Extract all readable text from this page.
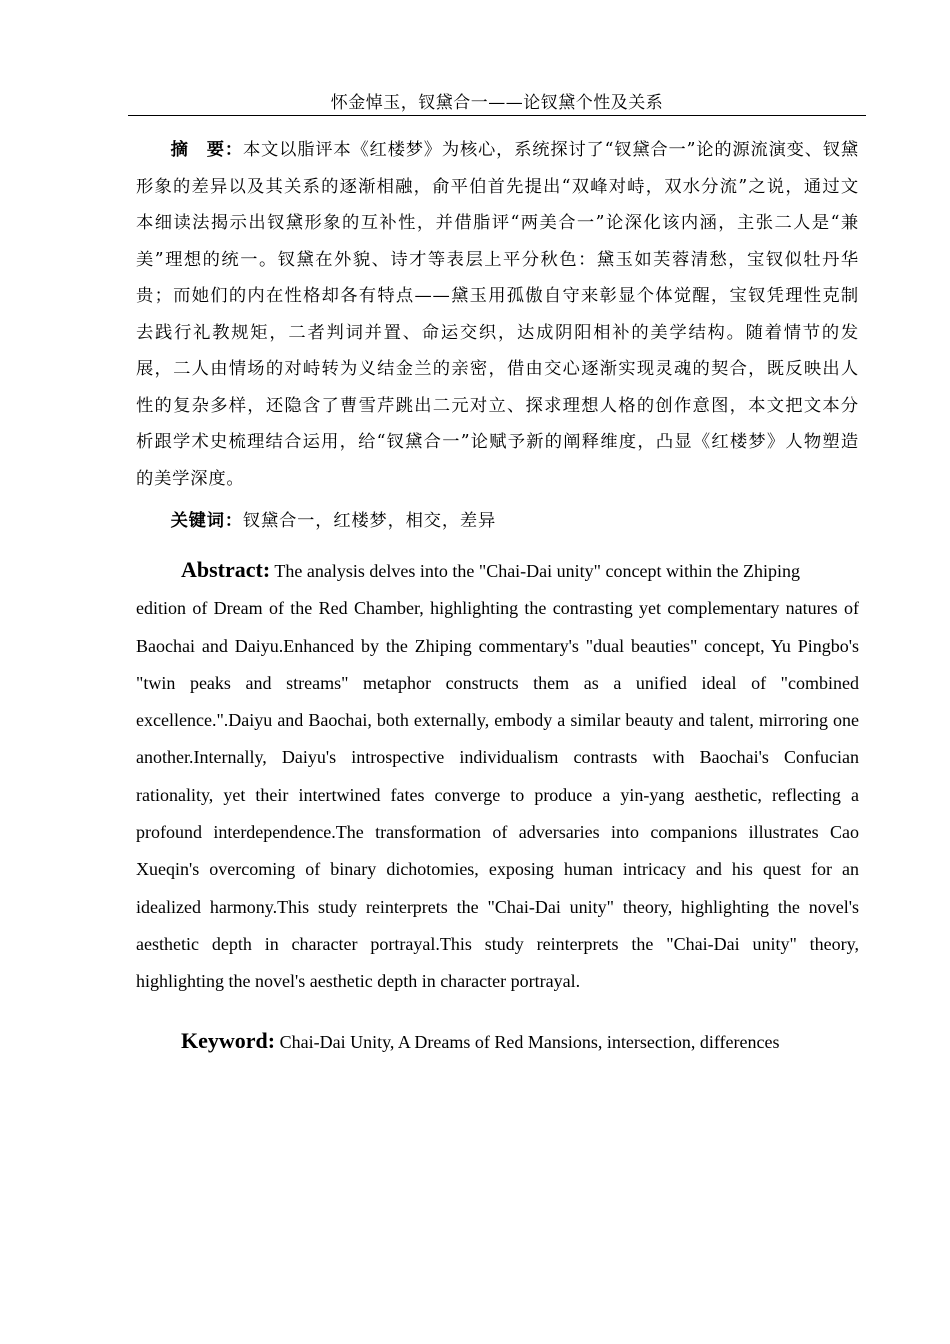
怀金悼玉，钗黛合一——论钗黛个性及关系

摘　要：本文以脂评本《红楼梦》为核心，系统探讨了“钗黛合一”论的源流演变、钗黛形象的差异以及其关系的逐渐相融，俞平伯首先提出“双峰对峙，双水分流”之说，通过文本细读法揭示出钗黛形象的互补性，并借脂评“两美合一”论深化该内涵，主张二人是“兼美”理想的统一。钗黛在外貌、诗才等表层上平分秋色：黛玉如芙蓉清愁，宝钗似牡丹华贵；而她们的内在性格却各有特点——黛玉用孤傲自守来彰显个体觉醒，宝钗凭理性克制去践行礼教规矩，二者判词并置、命运交织，达成阴阳相补的美学结构。随着情节的发展，二人由情场的对峙转为义结金兰的亲密，借由交心逐渐实现灵魂的契合，既反映出人性的复杂多样，还隐含了曹雪芹跳出二元对立、探求理想人格的创作意图，本文把文本分析跟学术史梳理结合运用，给“钗黛合一”论赋予新的阐释维度，凸显《红楼梦》人物塑造的美学深度。

关键词：钗黛合一，红楼梦，相交，差异

Abstract: The analysis delves into the "Chai-Dai unity" concept within the Zhiping
edition of Dream of the Red Chamber, highlighting the contrasting yet complementary natures of Baochai and Daiyu.Enhanced by the Zhiping commentary's "dual beauties" concept, Yu Pingbo's "twin peaks and streams" metaphor constructs them as a unified ideal of "combined excellence.".Daiyu and Baochai, both externally, embody a similar beauty and talent, mirroring one another.Internally, Daiyu's introspective individualism contrasts with Baochai's Confucian rationality, yet their intertwined fates converge to produce a yin-yang aesthetic, reflecting a profound interdependence.The transformation of adversaries into companions illustrates Cao Xueqin's overcoming of binary dichotomies, exposing human intricacy and his quest for an idealized harmony.This study reinterprets the "Chai-Dai unity" theory, highlighting the novel's aesthetic depth in character portrayal.This study reinterprets the "Chai-Dai unity" theory, highlighting the novel's aesthetic depth in character portrayal.

Keyword: Chai-Dai Unity, A Dreams of Red Mansions, intersection, differences
